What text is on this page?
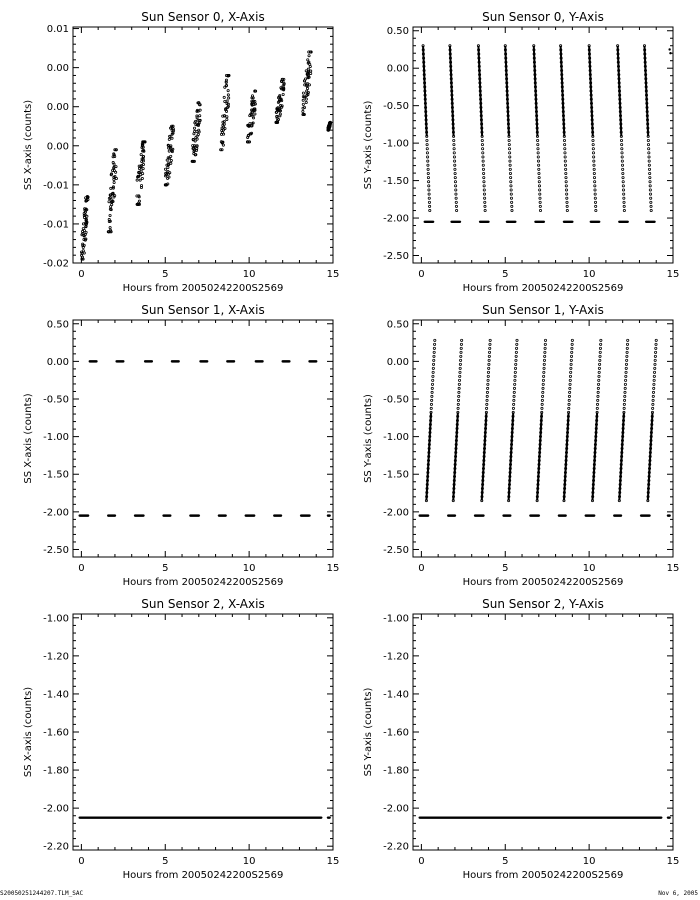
Sun Sensor 0, X-Axis
0	5	10	15
-0.02
-0.01
-0.01
0.00
0.00
0.00
0.01
Hours from 20050242200S2569
SS X-axis (counts)
Sun Sensor 0, Y-Axis
0	5	10	15
-2.50
-2.00
-1.50
-1.00
-0.50
0.00
0.50
Hours from 20050242200S2569
SS Y-axis (counts)
Sun Sensor 1, X-Axis
0	5	10	15
-2.50
-2.00
-1.50
-1.00
-0.50
0.00
0.50
Hours from 20050242200S2569
SS X-axis (counts)
Sun Sensor 1, Y-Axis
0	5	10	15
-2.50
-2.00
-1.50
-1.00
-0.50
0.00
0.50
Hours from 20050242200S2569
SS Y-axis (counts)
Sun Sensor 2, X-Axis
0	5	10	15
-2.20
-2.00
-1.80
-1.60
-1.40
-1.20
-1.00
Hours from 20050242200S2569
SS X-axis (counts)
Sun Sensor 2, Y-Axis
0	5	10	15
-2.20
-2.00
-1.80
-1.60
-1.40
-1.20
-1.00
Hours from 20050242200S2569
SS Y-axis (counts)
S20050251244207.TLM_SAC	Nov 6, 2005
